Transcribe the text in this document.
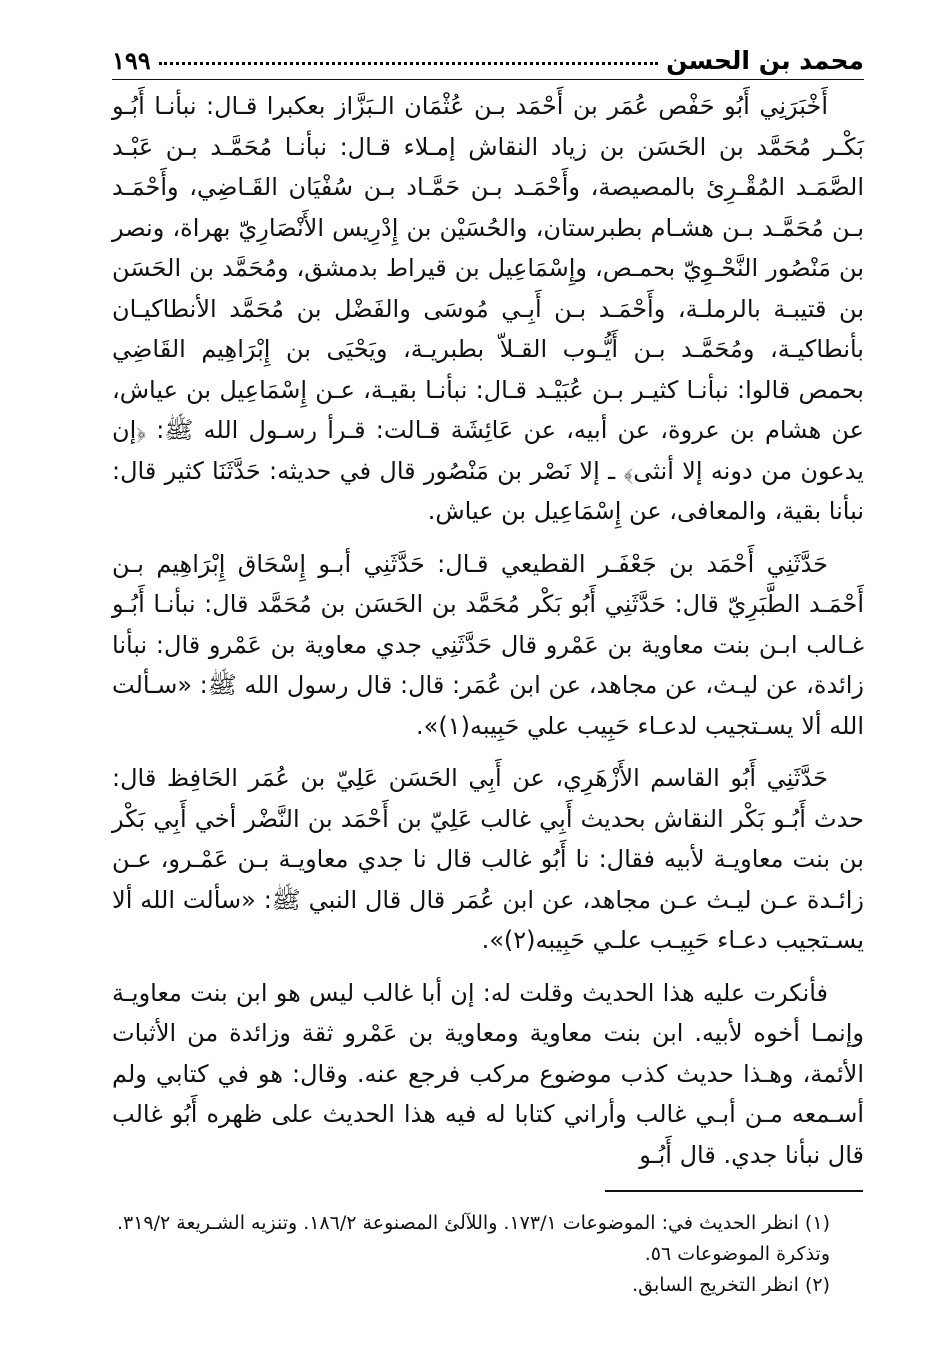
١٩٩	محمد بن الحسن

أَخْبَرَنِي أَبُو حَفْص عُمَر بن أَحْمَد بـن عُثْمَان الـبَزَّاز بعكبرا قـال: نبأنـا أَبُـو بَكْـر مُحَمَّد بن الحَسَن بن زياد النقاش إمـلاء قـال: نبأنـا مُحَمَّـد بـن عَبْـد الصَّمَـد المُقْـرِئ بالمصيصة، وأَحْمَـد بـن حَمَّـاد بـن سُفْيَان القَـاضِي، وأَحْمَـد بـن مُحَمَّـد بـن هشـام بطبرستان، والحُسَيْن بن إِدْرِيس الأَنْصَارِيّ بهراة، ونصر بن مَنْصُور النَّحْـوِيّ بحمـص، وإِسْمَاعِيل بن قيراط بدمشق، ومُحَمَّد بن الحَسَن بن قتيبـة بالرملـة، وأَحْمَـد بـن أَبِـي مُوسَى والفَضْل بن مُحَمَّد الأنطاكيـان بأنطاكيـة، ومُحَمَّـد بـن أَيُّـوب القـلاّ بطبريـة، ويَحْيَى بن إِبْرَاهِيم القَاضِي بحمص قالوا: نبأنـا كثيـر بـن عُبَيْـد قـال: نبأنـا بقيـة، عـن إِسْمَاعِيل بن عياش، عن هشام بن عروة، عن أبيه، عن عَائِشَة قـالت: قـرأ رسـول الله ﷺ: ﴿إن يدعون من دونه إلا أنثى﴾ ـ إلا نَصْر بن مَنْصُور قال في حديثه: حَدَّثَنَا كثير قال: نبأنا بقية، والمعافى، عن إِسْمَاعِيل بن عياش.

حَدَّثَنِي أَحْمَد بن جَعْفَـر القطيعي قـال: حَدَّثَنِي أبـو إِسْحَاق إِبْرَاهِيم بـن أَحْمَـد الطَّبَرِيّ قال: حَدَّثَنِي أَبُو بَكْر مُحَمَّد بن الحَسَن بن مُحَمَّد قال: نبأنـا أَبُـو غـالب ابـن بنت معاوية بن عَمْرو قال حَدَّثَنِي جدي معاوية بن عَمْرو قال: نبأنا زائدة، عن ليـث، عن مجاهد، عن ابن عُمَر: قال: قال رسول الله ﷺ: «سـألت الله ألا يسـتجيب لدعـاء حَبِيب علي حَبِيبه(١)».

حَدَّثَنِي أَبُو القاسم الأَزْهَرِي، عن أَبِي الحَسَن عَلِيّ بن عُمَر الحَافِظ قال: حدث أَبُـو بَكْر النقاش بحديث أَبِي غالب عَلِيّ بن أَحْمَد بن النَّضْر أخي أَبِي بَكْر بن بنت معاويـة لأبيه فقال: نا أَبُو غالب قال نا جدي معاويـة بـن عَمْـرو، عـن زائـدة عـن ليـث عـن مجاهد، عن ابن عُمَر قال قال النبي ﷺ: «سألت الله ألا يسـتجيب دعـاء حَبِيـب علـي حَبِيبه(٢)».

فأنكرت عليه هذا الحديث وقلت له: إن أبا غالب ليس هو ابن بنت معاويـة وإنمـا أخوه لأبيه. ابن بنت معاوية ومعاوية بن عَمْرو ثقة وزائدة من الأثبات الأئمة، وهـذا حديث كذب موضوع مركب فرجع عنه. وقال: هو في كتابي ولم أسـمعه مـن أبـي غالب وأراني كتابا له فيه هذا الحديث على ظهره أَبُو غالب قال نبأنا جدي. قال أَبُـو

(١) انظر الحديث في: الموضوعات ١٧٣/١. واللآلئ المصنوعة ١٨٦/٢. وتنزيه الشـريعة ٣١٩/٢. وتذكرة الموضوعات ٥٦.

(٢) انظر التخريج السابق.
